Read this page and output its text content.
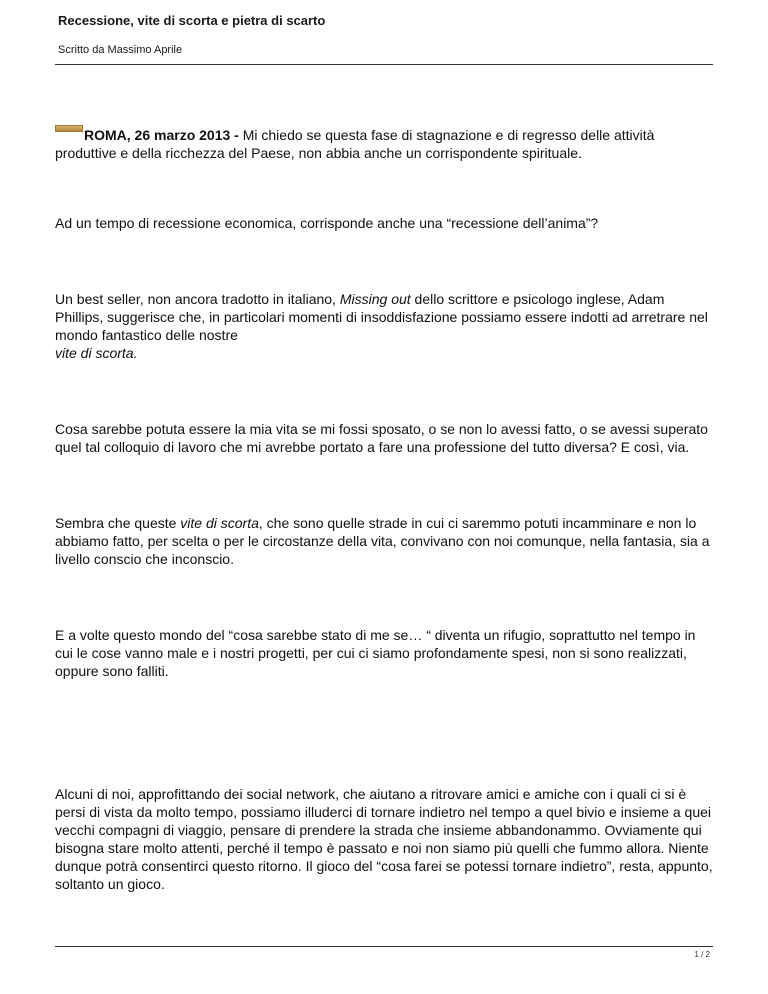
Recessione, vite di scorta e pietra di scarto
Scritto da Massimo Aprile

ROMA, 26 marzo 2013 - Mi chiedo se questa fase di stagnazione e di regresso delle attività produttive e della ricchezza del Paese, non abbia anche un corrispondente spirituale.

Ad un tempo di recessione economica, corrisponde anche una “recessione dell’anima”?

Un best seller, non ancora tradotto in italiano, Missing out dello scrittore e psicologo inglese, Adam Phillips, suggerisce che, in particolari momenti di insoddisfazione possiamo essere indotti ad arretrare nel mondo fantastico delle nostre
vite di scorta.

Cosa sarebbe potuta essere la mia vita se mi fossi sposato, o se non lo avessi fatto, o se avessi superato quel tal colloquio di lavoro che mi avrebbe portato a fare una professione del tutto diversa? E così, via.

Sembra che queste vite di scorta, che sono quelle strade in cui ci saremmo potuti incamminare e non lo abbiamo fatto, per scelta o per le circostanze della vita, convivano con noi comunque, nella fantasia, sia a livello conscio che inconscio.

E a volte questo mondo del “cosa sarebbe stato di me se… “ diventa un rifugio, soprattutto nel tempo in cui le cose vanno male e i nostri progetti, per cui ci siamo profondamente spesi, non si sono realizzati, oppure sono falliti.

Alcuni di noi, approfittando dei social network, che aiutano a ritrovare amici e amiche con i quali ci si è persi di vista da molto tempo, possiamo illuderci di tornare indietro nel tempo a quel bivio e insieme a quei vecchi compagni di viaggio, pensare di prendere la strada che insieme abbandonammo. Ovviamente qui bisogna stare molto attenti, perché il tempo è passato e noi non siamo più quelli che fummo allora. Niente dunque potrà consentirci questo ritorno. Il gioco del “cosa farei se potessi tornare indietro”, resta, appunto, soltanto un gioco.

1 / 2
